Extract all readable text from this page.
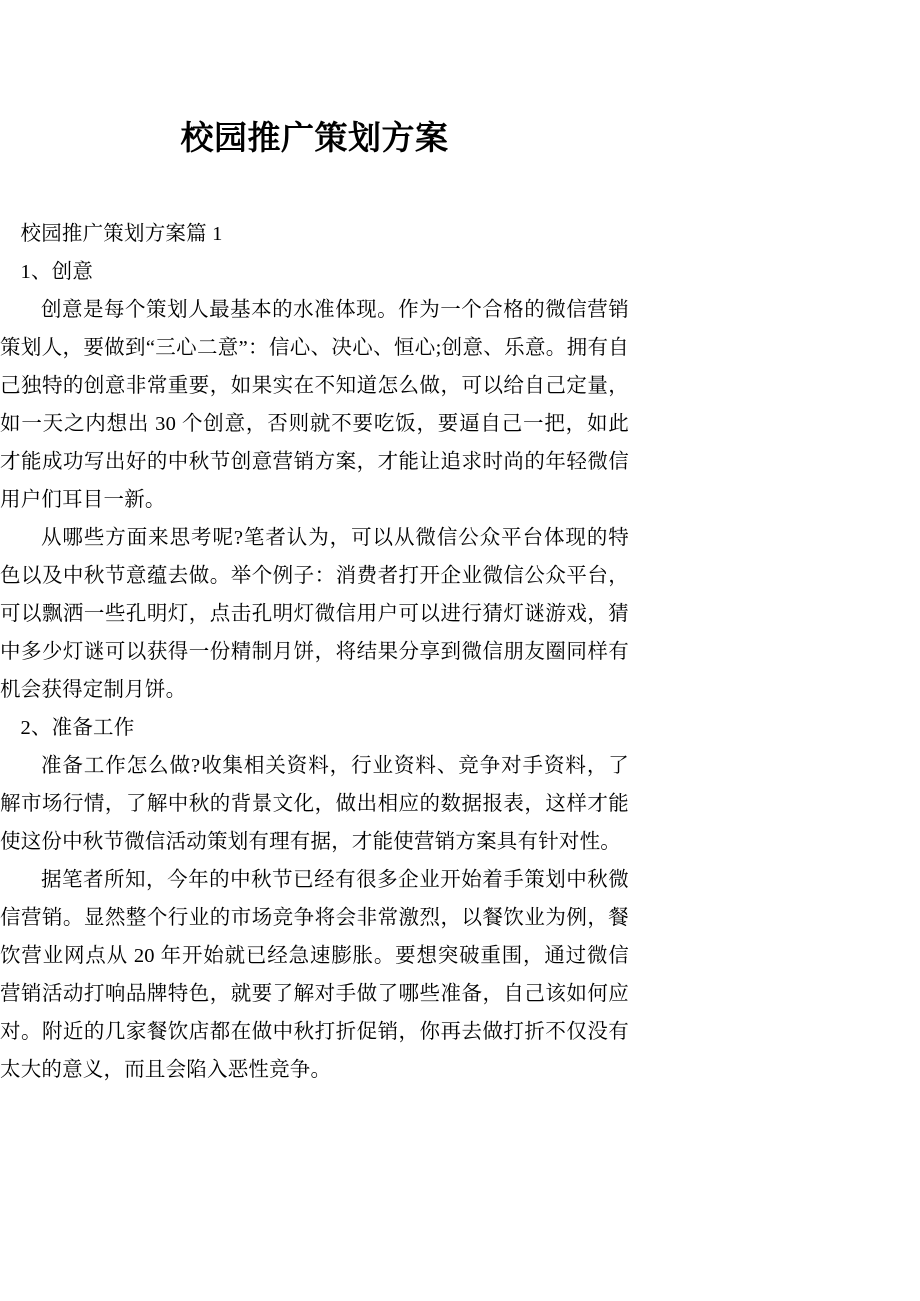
校园推广策划方案

校园推广策划方案篇 1

1、创意

创意是每个策划人最基本的水准体现。作为一个合格的微信营销策划人，要做到“三心二意”：信心、决心、恒心;创意、乐意。拥有自己独特的创意非常重要，如果实在不知道怎么做，可以给自己定量，如一天之内想出 30 个创意，否则就不要吃饭，要逼自己一把，如此才能成功写出好的中秋节创意营销方案，才能让追求时尚的年轻微信用户们耳目一新。

从哪些方面来思考呢?笔者认为，可以从微信公众平台体现的特色以及中秋节意蕴去做。举个例子：消费者打开企业微信公众平台，可以飘洒一些孔明灯，点击孔明灯微信用户可以进行猜灯谜游戏，猜中多少灯谜可以获得一份精制月饼，将结果分享到微信朋友圈同样有机会获得定制月饼。

2、准备工作

准备工作怎么做?收集相关资料，行业资料、竞争对手资料，了解市场行情，了解中秋的背景文化，做出相应的数据报表，这样才能使这份中秋节微信活动策划有理有据，才能使营销方案具有针对性。

据笔者所知，今年的中秋节已经有很多企业开始着手策划中秋微信营销。显然整个行业的市场竞争将会非常激烈，以餐饮业为例，餐饮营业网点从 20 年开始就已经急速膨胀。要想突破重围，通过微信营销活动打响品牌特色，就要了解对手做了哪些准备，自己该如何应对。附近的几家餐饮店都在做中秋打折促销，你再去做打折不仅没有太大的意义，而且会陷入恶性竞争。
